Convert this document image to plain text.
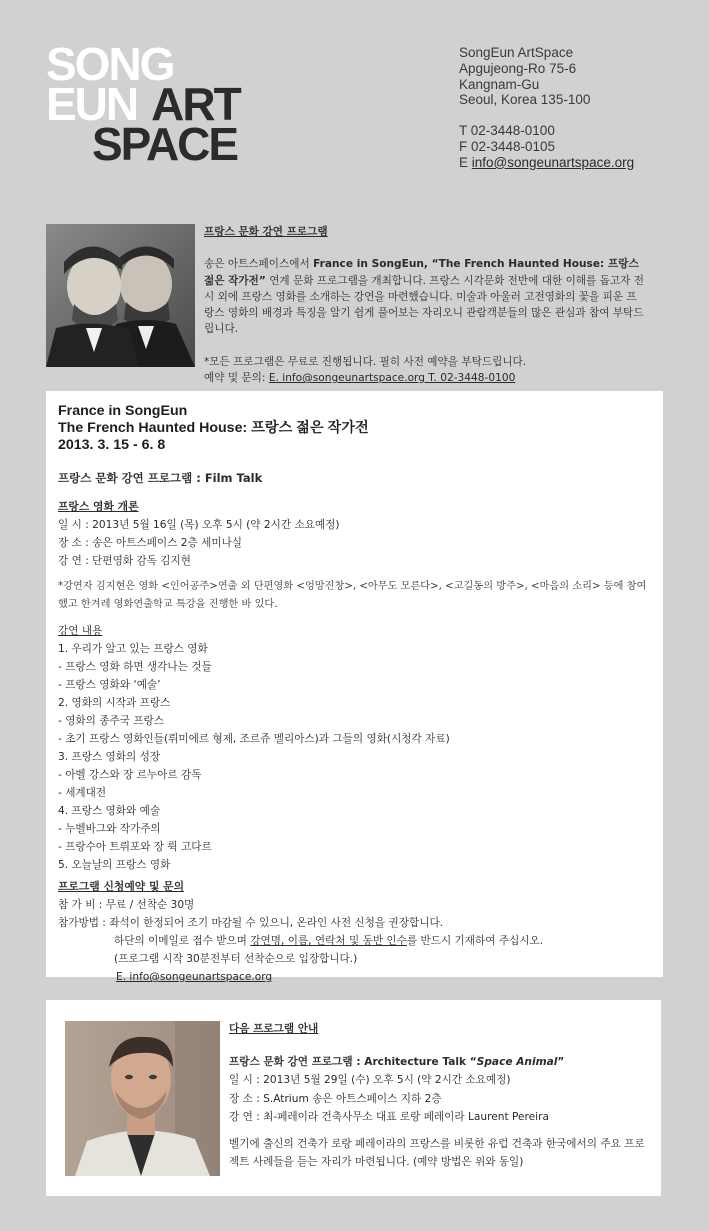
SONG
EUN ART
SPACE
SongEun ArtSpace
Apgujeong-Ro 75-6
Kangnam-Gu
Seoul, Korea 135-100
T 02-3448-0100
F 02-3448-0105
E info@songeunartspace.org
프랑스 문화 강연 프로그램
송은 아트스페이스에서 France in SongEun, “The French Haunted House: 프랑스 젊은 작가전” 연계 문화 프로그램을 개최합니다. 프랑스 시각문화 전반에 대한 이해를 돕고자 전시 외에 프랑스 영화를 소개하는 강연을 마련했습니다. 미술과 아울러 고전영화의 꽃을 피운 프랑스 영화의 배경과 특징을 알기 쉽게 풀어보는 자리오니 관람객분들의 많은 관심과 참여 부탁드립니다.
*모든 프로그램은 무료로 진행됩니다. 필히 사전 예약을 부탁드립니다.
예약 및 문의: E. info@songeunartspace.org T. 02-3448-0100
France in SongEun
The French Haunted House: 프랑스 젊은 작가전
2013. 3. 15 - 6. 8
프랑스 문화 강연 프로그램 : Film Talk
프랑스 영화 개론
일 시 : 2013년 5월 16일 (목) 오후 5시 (약 2시간 소요예정)
장 소 : 송은 아트스페이스 2층 세미나실
강 연 : 단편영화 감독 김지현
*강연자 김지현은 영화 <인어공주>연출 외 단편영화 <엉망진창>, <아무도 모른다>, <고길동의 방주>, <마음의 소리> 등에 참여했고 한겨레 영화연출학교 특강을 진행한 바 있다.
강연 내용
1. 우리가 알고 있는 프랑스 영화
- 프랑스 영화 하면 생각나는 것들
- 프랑스 영화와 ‘예술’
2. 영화의 시작과 프랑스
- 영화의 종주국 프랑스
- 초기 프랑스 영화인들(뤼미에르 형제, 조르쥬 멜리아스)과 그들의 영화(시청각 자료)
3. 프랑스 영화의 성장
- 아벨 강스와 장 르누아르 감독
- 세계대전
4. 프랑스 영화와 예술
- 누벨바그와 작가주의
- 프랑수아 트뤼포와 장 뤽 고다르
5. 오늘날의 프랑스 영화
프로그램 신청예약 및 문의
참 가 비 : 무료 / 선착순 30명
참가방법 : 좌석이 한정되어 조기 마감될 수 있으니, 온라인 사전 신청을 권장합니다.
하단의 이메일로 접수 받으며 강연명, 이름, 연락처 및 동반 인수를 반드시 기재하여 주십시오.
(프로그램 시작 30분전부터 선착순으로 입장합니다.)
E. info@songeunartspace.org
다음 프로그램 안내
프랑스 문화 강연 프로그램 : Architecture Talk “Space Animal”
일 시 : 2013년 5월 29일 (수) 오후 5시 (약 2시간 소요예정)
장 소 : S.Atrium 송은 아트스페이스 지하 2층
강 연 : 최-페레이라 건축사무소 대표 로랑 페레이라 Laurent Pereira
벨기에 출신의 건축가 로랑 페레이라의 프랑스를 비롯한 유럽 건축과 한국에서의 주요 프로젝트 사례들을 듣는 자리가 마련됩니다. (예약 방법은 위와 동일)
